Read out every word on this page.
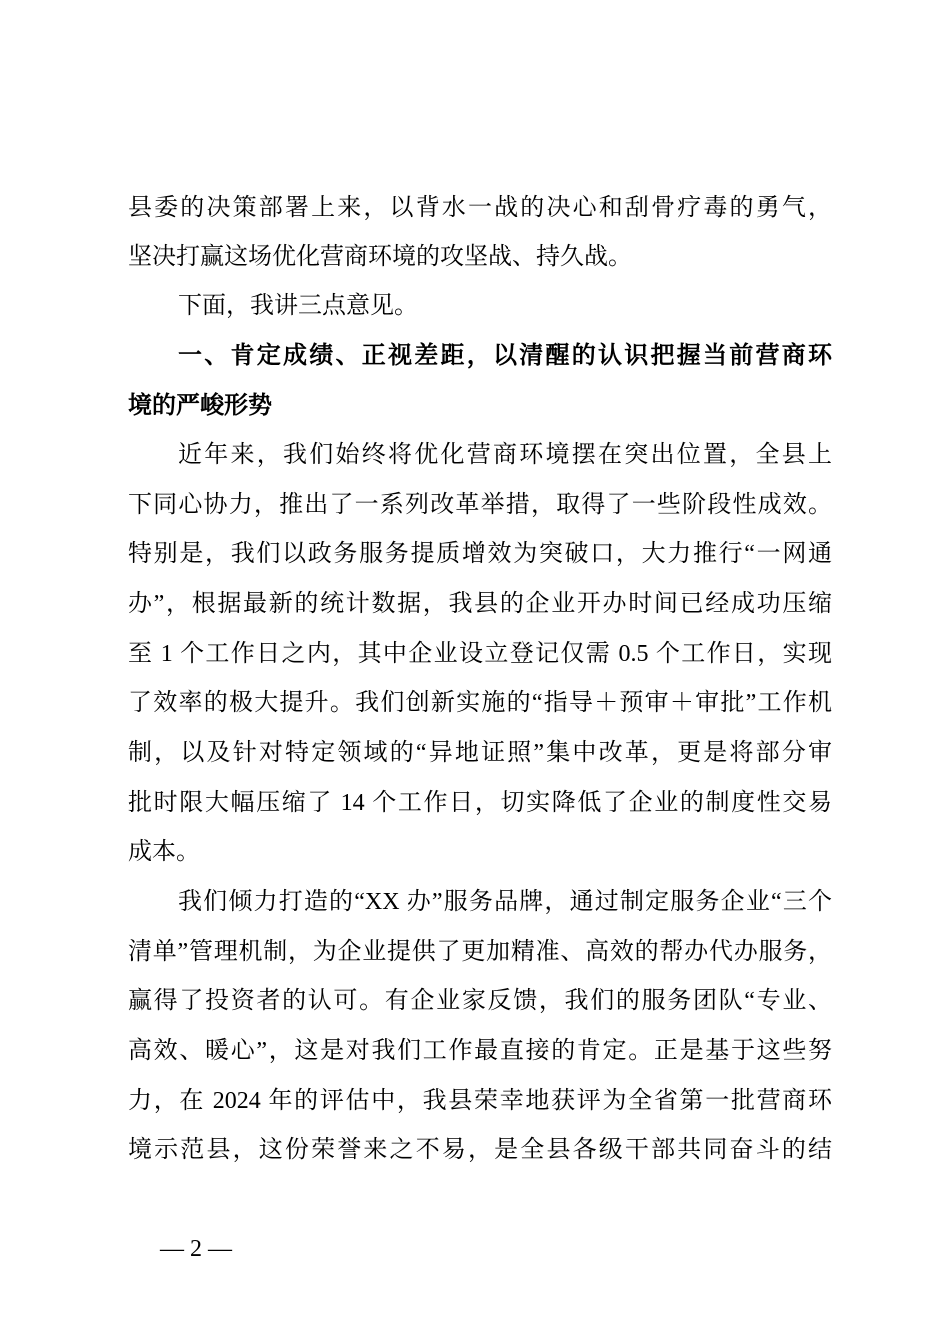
县委的决策部署上来，以背水一战的决心和刮骨疗毒的勇气，
坚决打赢这场优化营商环境的攻坚战、持久战。
下面，我讲三点意见。
一、肯定成绩、正视差距，以清醒的认识把握当前营商环
境的严峻形势
近年来，我们始终将优化营商环境摆在突出位置，全县上
下同心协力，推出了一系列改革举措，取得了一些阶段性成效。
特别是，我们以政务服务提质增效为突破口，大力推行“一网通
办”，根据最新的统计数据，我县的企业开办时间已经成功压缩
至 1 个工作日之内，其中企业设立登记仅需 0.5 个工作日，实现
了效率的极大提升。我们创新实施的“指导＋预审＋审批”工作机
制，以及针对特定领域的“异地证照”集中改革，更是将部分审
批时限大幅压缩了 14 个工作日，切实降低了企业的制度性交易
成本。
我们倾力打造的“XX 办”服务品牌，通过制定服务企业“三个
清单”管理机制，为企业提供了更加精准、高效的帮办代办服务，
赢得了投资者的认可。有企业家反馈，我们的服务团队“专业、
高效、暖心”，这是对我们工作最直接的肯定。正是基于这些努
力，在 2024 年的评估中，我县荣幸地获评为全省第一批营商环
境示范县，这份荣誉来之不易，是全县各级干部共同奋斗的结
— 2 —
